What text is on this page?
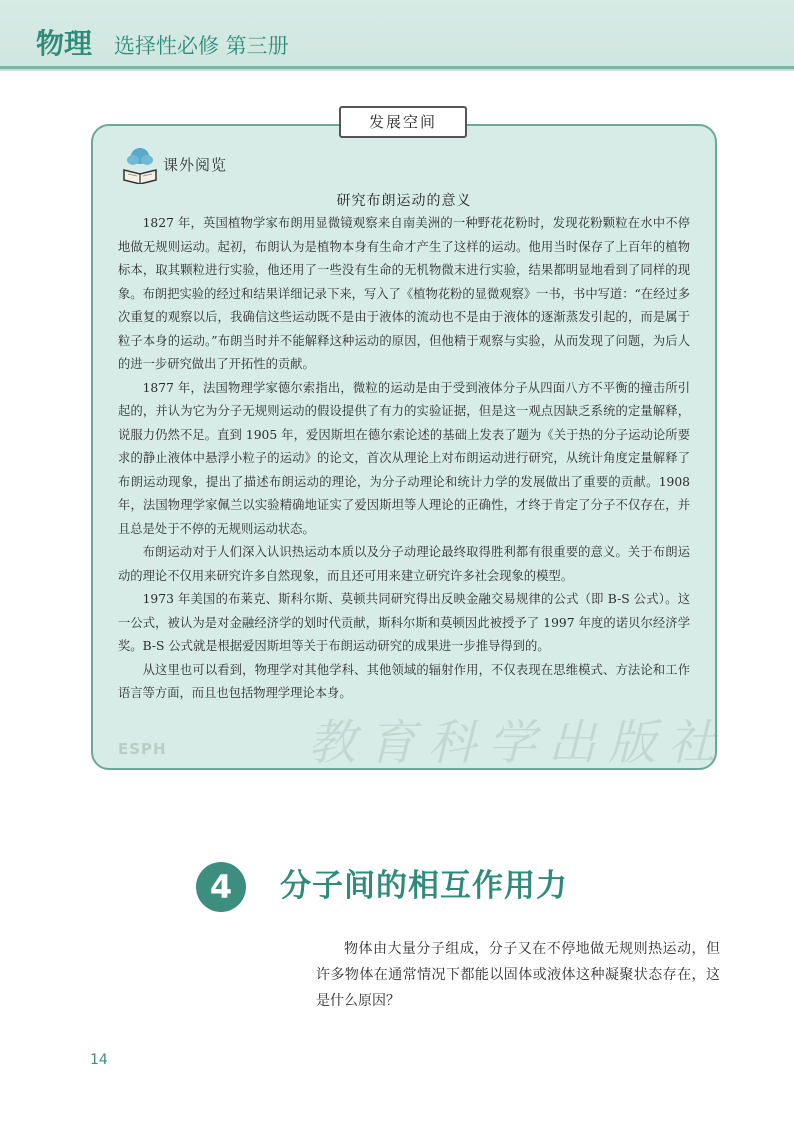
物理 选择性必修 第三册
发展空间
课外阅览
研究布朗运动的意义

1827 年，英国植物学家布朗用显微镜观察来自南美洲的一种野花花粉时，发现花粉颗粒在水中不停地做无规则运动。起初，布朗认为是植物本身有生命才产生了这样的运动。他用当时保存了上百年的植物标本，取其颗粒进行实验，他还用了一些没有生命的无机物微末进行实验，结果都明显地看到了同样的现象。布朗把实验的经过和结果详细记录下来，写入了《植物花粉的显微观察》一书，书中写道：“在经过多次重复的观察以后，我确信这些运动既不是由于液体的流动也不是由于液体的逐渐蒸发引起的，而是属于粒子本身的运动。”布朗当时并不能解释这种运动的原因，但他精于观察与实验，从而发现了问题，为后人的进一步研究做出了开拓性的贡献。

1877 年，法国物理学家德尔索指出，微粒的运动是由于受到液体分子从四面八方不平衡的撞击所引起的，并认为它为分子无规则运动的假设提供了有力的实验证据，但是这一观点因缺乏系统的定量解释，说服力仍然不足。直到 1905 年，爱因斯坦在德尔索论述的基础上发表了题为《关于热的分子运动论所要求的静止液体中悬浮小粒子的运动》的论文，首次从理论上对布朗运动进行研究，从统计角度定量解释了布朗运动现象，提出了描述布朗运动的理论，为分子动理论和统计力学的发展做出了重要的贡献。1908 年，法国物理学家佩兰以实验精确地证实了爱因斯坦等人理论的正确性，才终于肯定了分子不仅存在，并且总是处于不停的无规则运动状态。

布朗运动对于人们深入认识热运动本质以及分子动理论最终取得胜利都有很重要的意义。关于布朗运动的理论不仅用来研究许多自然现象，而且还可用来建立研究许多社会现象的模型。

1973 年美国的布莱克、斯科尔斯、莫顿共同研究得出反映金融交易规律的公式（即 B-S 公式）。这一公式，被认为是对金融经济学的划时代贡献，斯科尔斯和莫顿因此被授予了 1997 年度的诺贝尔经济学奖。B-S 公式就是根据爱因斯坦等关于布朗运动研究的成果进一步推导得到的。

从这里也可以看到，物理学对其他学科、其他领域的辐射作用，不仅表现在思维模式、方法论和工作语言等方面，而且也包括物理学理论本身。

教育科学出版社
ESPH
4	分子间的相互作用力

物体由大量分子组成，分子又在不停地做无规则热运动，但许多物体在通常情况下都能以固体或液体这种凝聚状态存在，这是什么原因？

14
